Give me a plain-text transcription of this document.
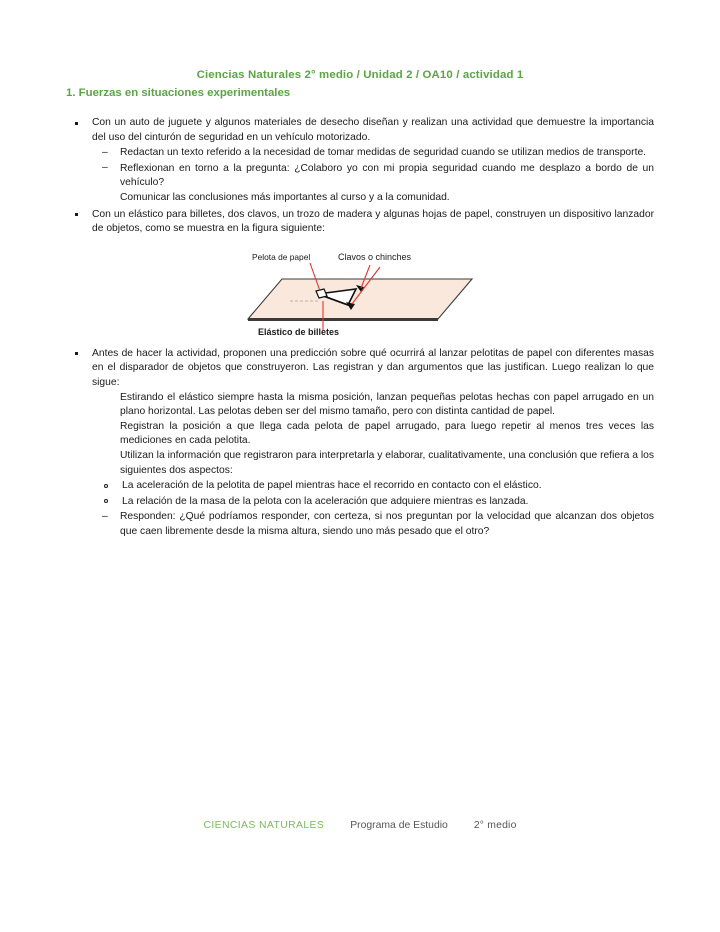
Ciencias Naturales 2° medio / Unidad 2 / OA10 / actividad 1
1. Fuerzas en situaciones experimentales

Con un auto de juguete y algunos materiales de desecho diseñan y realizan una actividad que demuestre la importancia del uso del cinturón de seguridad en un vehículo motorizado.

– Redactan un texto referido a la necesidad de tomar medidas de seguridad cuando se utilizan medios de transporte.

– Reflexionan en torno a la pregunta: ¿Colaboro yo con mi propia seguridad cuando me desplazo a bordo de un vehículo?

Comunicar las conclusiones más importantes al curso y a la comunidad.

Con un elástico para billetes, dos clavos, un trozo de madera y algunas hojas de papel, construyen un dispositivo lanzador de objetos, como se muestra en la figura siguiente:

Pelota de papel	Clavos o chinches
Elástico de billetes

Antes de hacer la actividad, proponen una predicción sobre qué ocurrirá al lanzar pelotitas de papel con diferentes masas en el disparador de objetos que construyeron. Las registran y dan argumentos que las justifican. Luego realizan lo que sigue:

Estirando el elástico siempre hasta la misma posición, lanzan pequeñas pelotas hechas con papel arrugado en un plano horizontal. Las pelotas deben ser del mismo tamaño, pero con distinta cantidad de papel.

Registran la posición a que llega cada pelota de papel arrugado, para luego repetir al menos tres veces las mediciones en cada pelotita.

Utilizan la información que registraron para interpretarla y elaborar, cualitativamente, una conclusión que refiera a los siguientes dos aspectos:

La aceleración de la pelotita de papel mientras hace el recorrido en contacto con el elástico.

La relación de la masa de la pelota con la aceleración que adquiere mientras es lanzada.

– Responden: ¿Qué podríamos responder, con certeza, si nos preguntan por la velocidad que alcanzan dos objetos que caen libremente desde la misma altura, siendo uno más pesado que el otro?

CIENCIAS NATURALES	Programa de Estudio	2° medio
